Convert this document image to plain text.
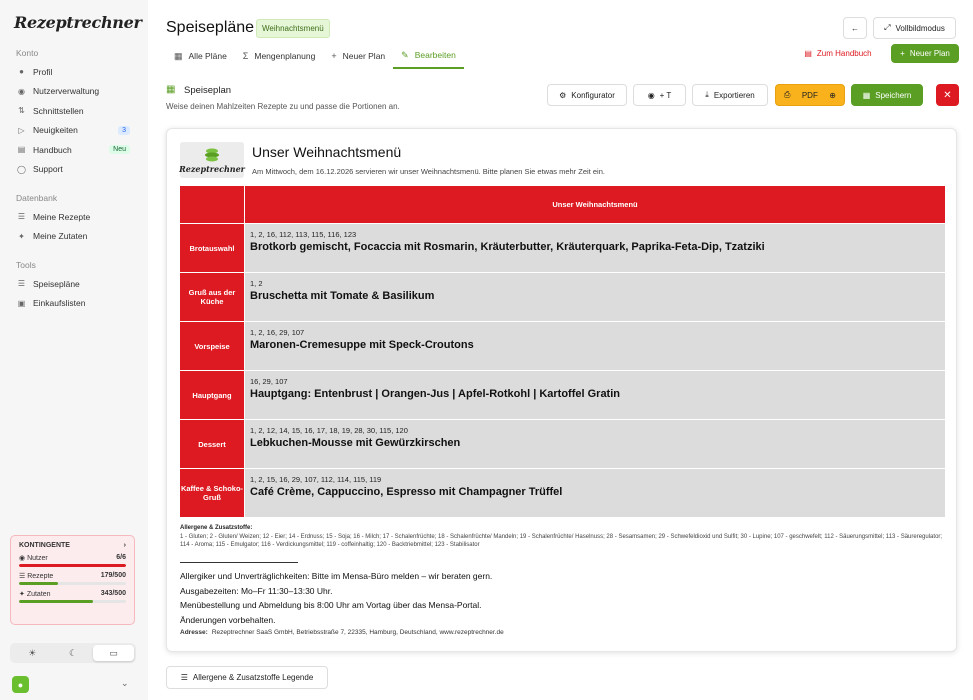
Rezeptrechner
Konto
● Profil
◉ Nutzerverwaltung
⇅ Schnittstellen
▷ Neuigkeiten	3
▤ Handbuch	Neu
◯ Support
Datenbank
☰ Meine Rezepte
✦ Meine Zutaten
Tools
☰ Speisepläne
▣ Einkaufslisten
KONTINGENTE	›
◉ Nutzer	6/6
☰ Rezepte	179/500
✦ Zutaten	343/500
☀	☾	▭
●	⌄
Speisepläne Weihnachtsmenü	←	⤢ Vollbildmodus
▦ Alle Pläne Σ Mengenplanung + Neuer Plan ✎ Bearbeiten	▤ Zum Handbuch	+ Neuer Plan
▦ Speiseplan
Weise deinen Mahlzeiten Rezepte zu und passe die Portionen an.
⚙ Konfigurator	◉ + T	⤓ Exportieren	⎙ PDF ⊕	▦ Speichern	✕
Rezeptrechner
Unser Weihnachtsmenü
Am Mittwoch, dem 16.12.2026 servieren wir unser Weihnachtsmenü. Bitte planen Sie etwas mehr Zeit ein.
Unser Weihnachtsmenü
Brotauswahl
1, 2, 16, 112, 113, 115, 116, 123
Brotkorb gemischt, Focaccia mit Rosmarin, Kräuterbutter, Kräuterquark, Paprika-Feta-Dip, Tzatziki
Gruß aus der Küche
1, 2
Bruschetta mit Tomate & Basilikum
Vorspeise
1, 2, 16, 29, 107
Maronen-Cremesuppe mit Speck-Croutons
Hauptgang
16, 29, 107
Hauptgang: Entenbrust | Orangen-Jus | Apfel-Rotkohl | Kartoffel Gratin
Dessert
1, 2, 12, 14, 15, 16, 17, 18, 19, 28, 30, 115, 120
Lebkuchen-Mousse mit Gewürzkirschen
Kaffee & Schoko-Gruß
1, 2, 15, 16, 29, 107, 112, 114, 115, 119
Café Crème, Cappuccino, Espresso mit Champagner Trüffel
Allergene & Zusatzstoffe:
1 - Gluten; 2 - Gluten/ Weizen; 12 - Eier; 14 - Erdnuss; 15 - Soja; 16 - Milch; 17 - Schalenfrüchte; 18 - Schalenfrüchte/ Mandeln; 19 - Schalenfrüchte/ Haselnuss; 28 - Sesamsamen; 29 - Schwefeldioxid und Sulfit; 30 - Lupine; 107 - geschwefelt; 112 - Säuerungsmittel; 113 - Säureregulator; 114 - Aroma; 115 - Emulgator; 116 - Verdickungsmittel; 119 - coffeinhaltig; 120 - Backtriebmittel; 123 - Stabilisator
Allergiker und Unverträglichkeiten: Bitte im Mensa-Büro melden – wir beraten gern.
Ausgabezeiten: Mo–Fr 11:30–13:30 Uhr.
Menübestellung und Abmeldung bis 8:00 Uhr am Vortag über das Mensa-Portal.
Änderungen vorbehalten.
Adresse: Rezeptrechner SaaS GmbH, Betriebsstraße 7, 22335, Hamburg, Deutschland, www.rezeptrechner.de
☰ Allergene & Zusatzstoffe Legende
